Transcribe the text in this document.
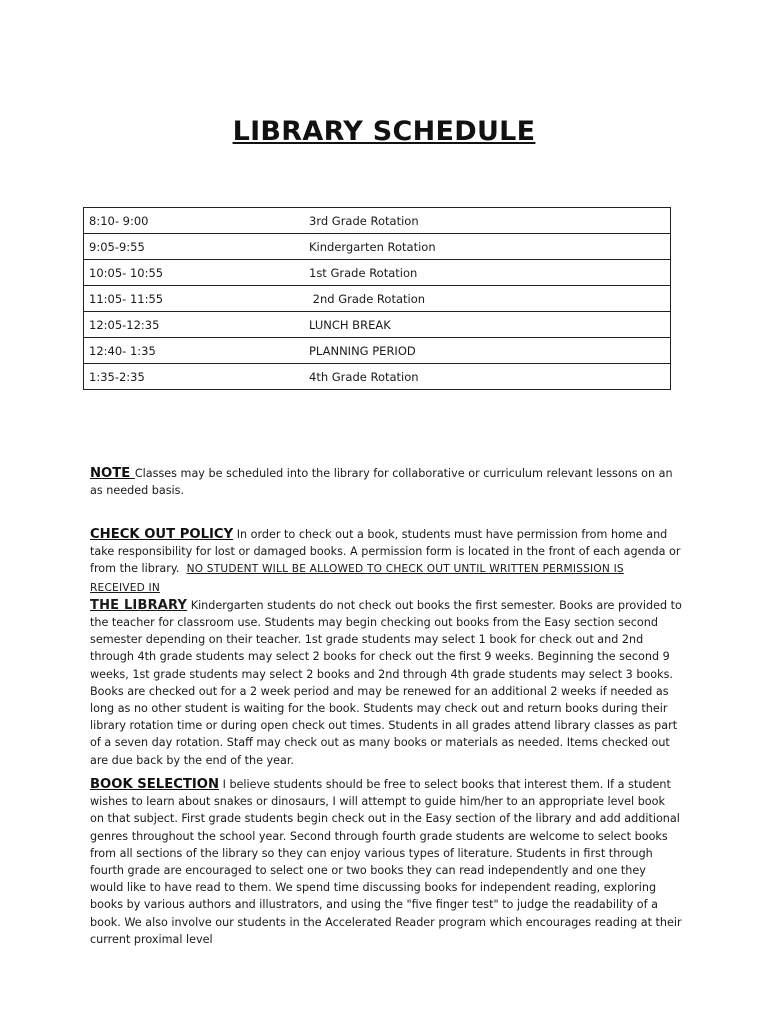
LIBRARY SCHEDULE
8:10- 9:00	3rd Grade Rotation
9:05-9:55	Kindergarten Rotation
10:05- 10:55	1st Grade Rotation
11:05- 11:55	2nd Grade Rotation
12:05-12:35	LUNCH BREAK
12:40- 1:35	PLANNING PERIOD
1:35-2:35	4th Grade Rotation
NOTE Classes may be scheduled into the library for collaborative or curriculum relevant lessons on an as needed basis.
CHECK OUT POLICY In order to check out a book, students must have permission from home and take responsibility for lost or damaged books. A permission form is located in the front of each agenda or from the library.  NO STUDENT WILL BE ALLOWED TO CHECK OUT UNTIL WRITTEN PERMISSION IS RECEIVED IN
THE LIBRARY Kindergarten students do not check out books the first semester. Books are provided to the teacher for classroom use. Students may begin checking out books from the Easy section second semester depending on their teacher. 1st grade students may select 1 book for check out and 2nd through 4th grade students may select 2 books for check out the first 9 weeks. Beginning the second 9 weeks, 1st grade students may select 2 books and 2nd through 4th grade students may select 3 books. Books are checked out for a 2 week period and may be renewed for an additional 2 weeks if needed as long as no other student is waiting for the book. Students may check out and return books during their library rotation time or during open check out times. Students in all grades attend library classes as part of a seven day rotation. Staff may check out as many books or materials as needed. Items checked out are due back by the end of the year.
BOOK SELECTION I believe students should be free to select books that interest them. If a student wishes to learn about snakes or dinosaurs, I will attempt to guide him/her to an appropriate level book on that subject. First grade students begin check out in the Easy section of the library and add additional genres throughout the school year. Second through fourth grade students are welcome to select books from all sections of the library so they can enjoy various types of literature. Students in first through fourth grade are encouraged to select one or two books they can read independently and one they would like to have read to them. We spend time discussing books for independent reading, exploring books by various authors and illustrators, and using the "five finger test" to judge the readability of a book. We also involve our students in the Accelerated Reader program which encourages reading at their current proximal level
